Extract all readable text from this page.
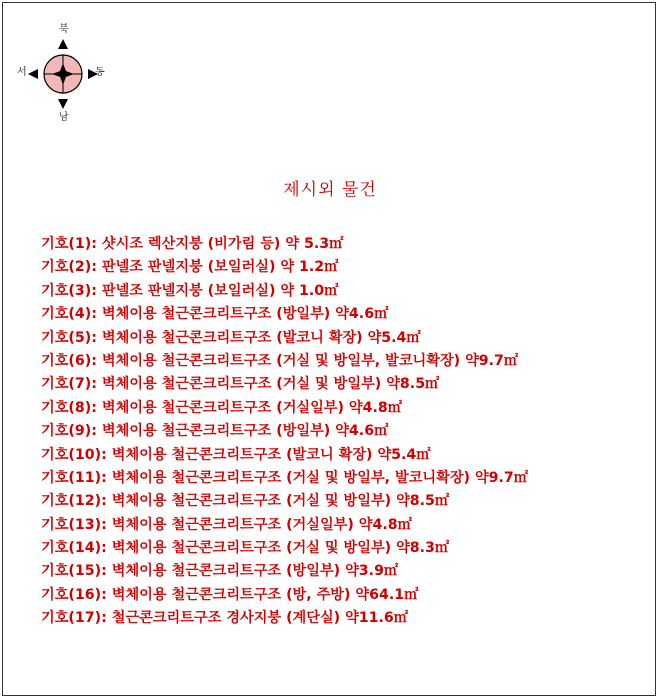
북
남
서	동
제시외 물건
기호(1): 샷시조 렉산지붕 (비가림 등) 약 5.3㎡
기호(2): 판넬조 판넬지붕 (보일러실) 약 1.2㎡
기호(3): 판넬조 판넬지붕 (보일러실) 약 1.0㎡
기호(4): 벽체이용 철근콘크리트구조 (방일부) 약4.6㎡
기호(5): 벽체이용 철근콘크리트구조 (발코니 확장) 약5.4㎡
기호(6): 벽체이용 철근콘크리트구조 (거실 및 방일부, 발코니확장) 약9.7㎡
기호(7): 벽체이용 철근콘크리트구조 (거실 및 방일부) 약8.5㎡
기호(8): 벽체이용 철근콘크리트구조 (거실일부) 약4.8㎡
기호(9): 벽체이용 철근콘크리트구조 (방일부) 약4.6㎡
기호(10): 벽체이용 철근콘크리트구조 (발코니 확장) 약5.4㎡
기호(11): 벽체이용 철근콘크리트구조 (거실 및 방일부, 발코니확장) 약9.7㎡
기호(12): 벽체이용 철근콘크리트구조 (거실 및 방일부) 약8.5㎡
기호(13): 벽체이용 철근콘크리트구조 (거실일부) 약4.8㎡
기호(14): 벽체이용 철근콘크리트구조 (거실 및 방일부) 약8.3㎡
기호(15): 벽체이용 철근콘크리트구조 (방일부) 약3.9㎡
기호(16): 벽체이용 철근콘크리트구조 (방, 주방) 약64.1㎡
기호(17): 철근콘크리트구조 경사지붕 (계단실) 약11.6㎡
